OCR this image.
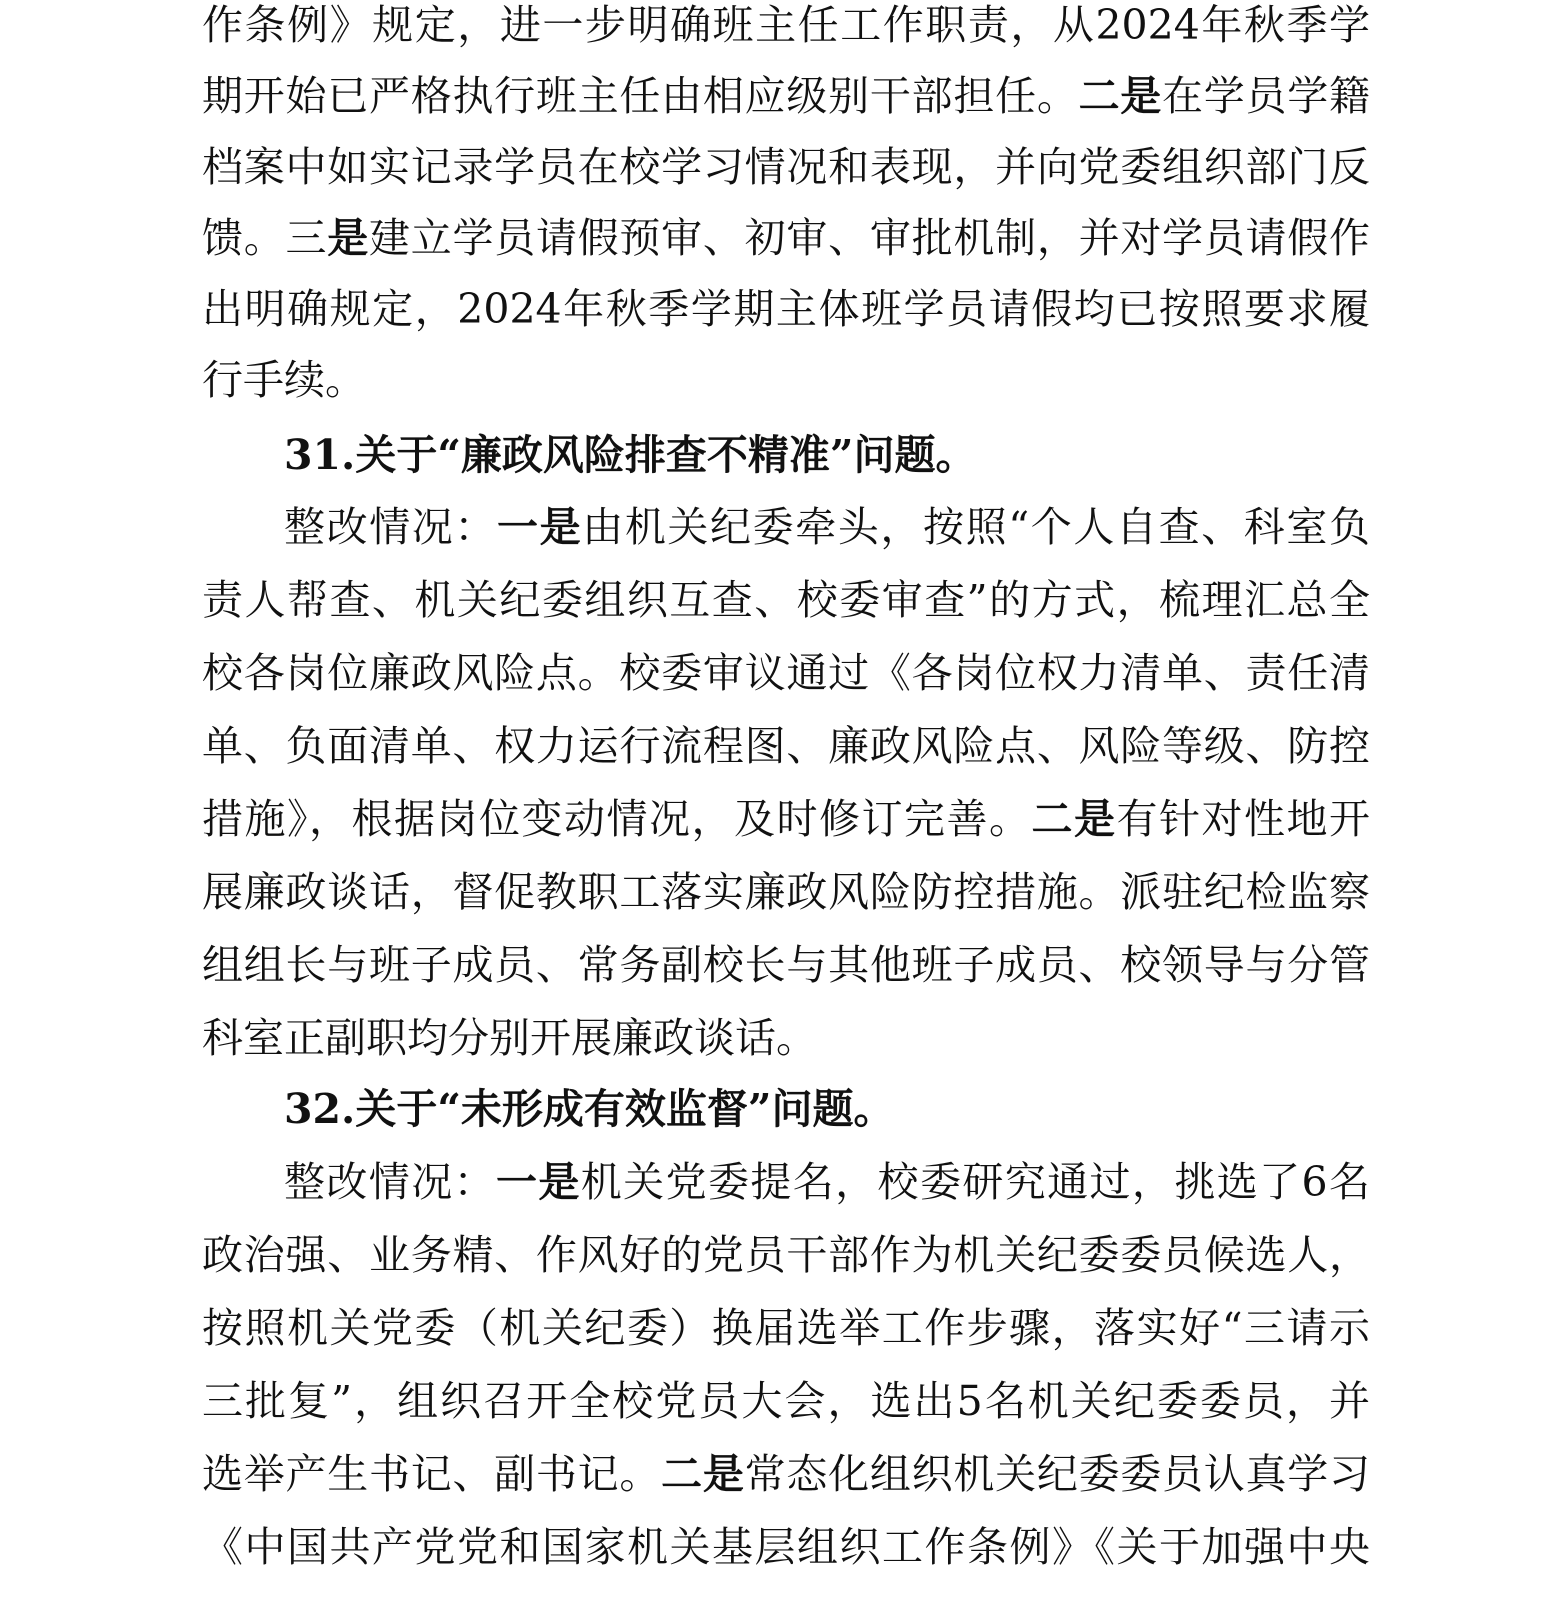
作条例》规定，进一步明确班主任工作职责，从2024年秋季学
期开始已严格执行班主任由相应级别干部担任。二是在学员学籍
档案中如实记录学员在校学习情况和表现，并向党委组织部门反
馈。三是建立学员请假预审、初审、审批机制，并对学员请假作
出明确规定，2024年秋季学期主体班学员请假均已按照要求履
行手续。
31.关于“廉政风险排查不精准”问题。
整改情况：一是由机关纪委牵头，按照“个人自查、科室负
责人帮查、机关纪委组织互查、校委审查”的方式，梳理汇总全
校各岗位廉政风险点。校委审议通过《各岗位权力清单、责任清
单、负面清单、权力运行流程图、廉政风险点、风险等级、防控
措施》，根据岗位变动情况，及时修订完善。二是有针对性地开
展廉政谈话，督促教职工落实廉政风险防控措施。派驻纪检监察
组组长与班子成员、常务副校长与其他班子成员、校领导与分管
科室正副职均分别开展廉政谈话。
32.关于“未形成有效监督”问题。
整改情况：一是机关党委提名，校委研究通过，挑选了6名
政治强、业务精、作风好的党员干部作为机关纪委委员候选人，
按照机关党委（机关纪委）换届选举工作步骤，落实好“三请示
三批复”，组织召开全校党员大会，选出5名机关纪委委员，并
选举产生书记、副书记。二是常态化组织机关纪委委员认真学习
《中国共产党党和国家机关基层组织工作条例》《关于加强中央
